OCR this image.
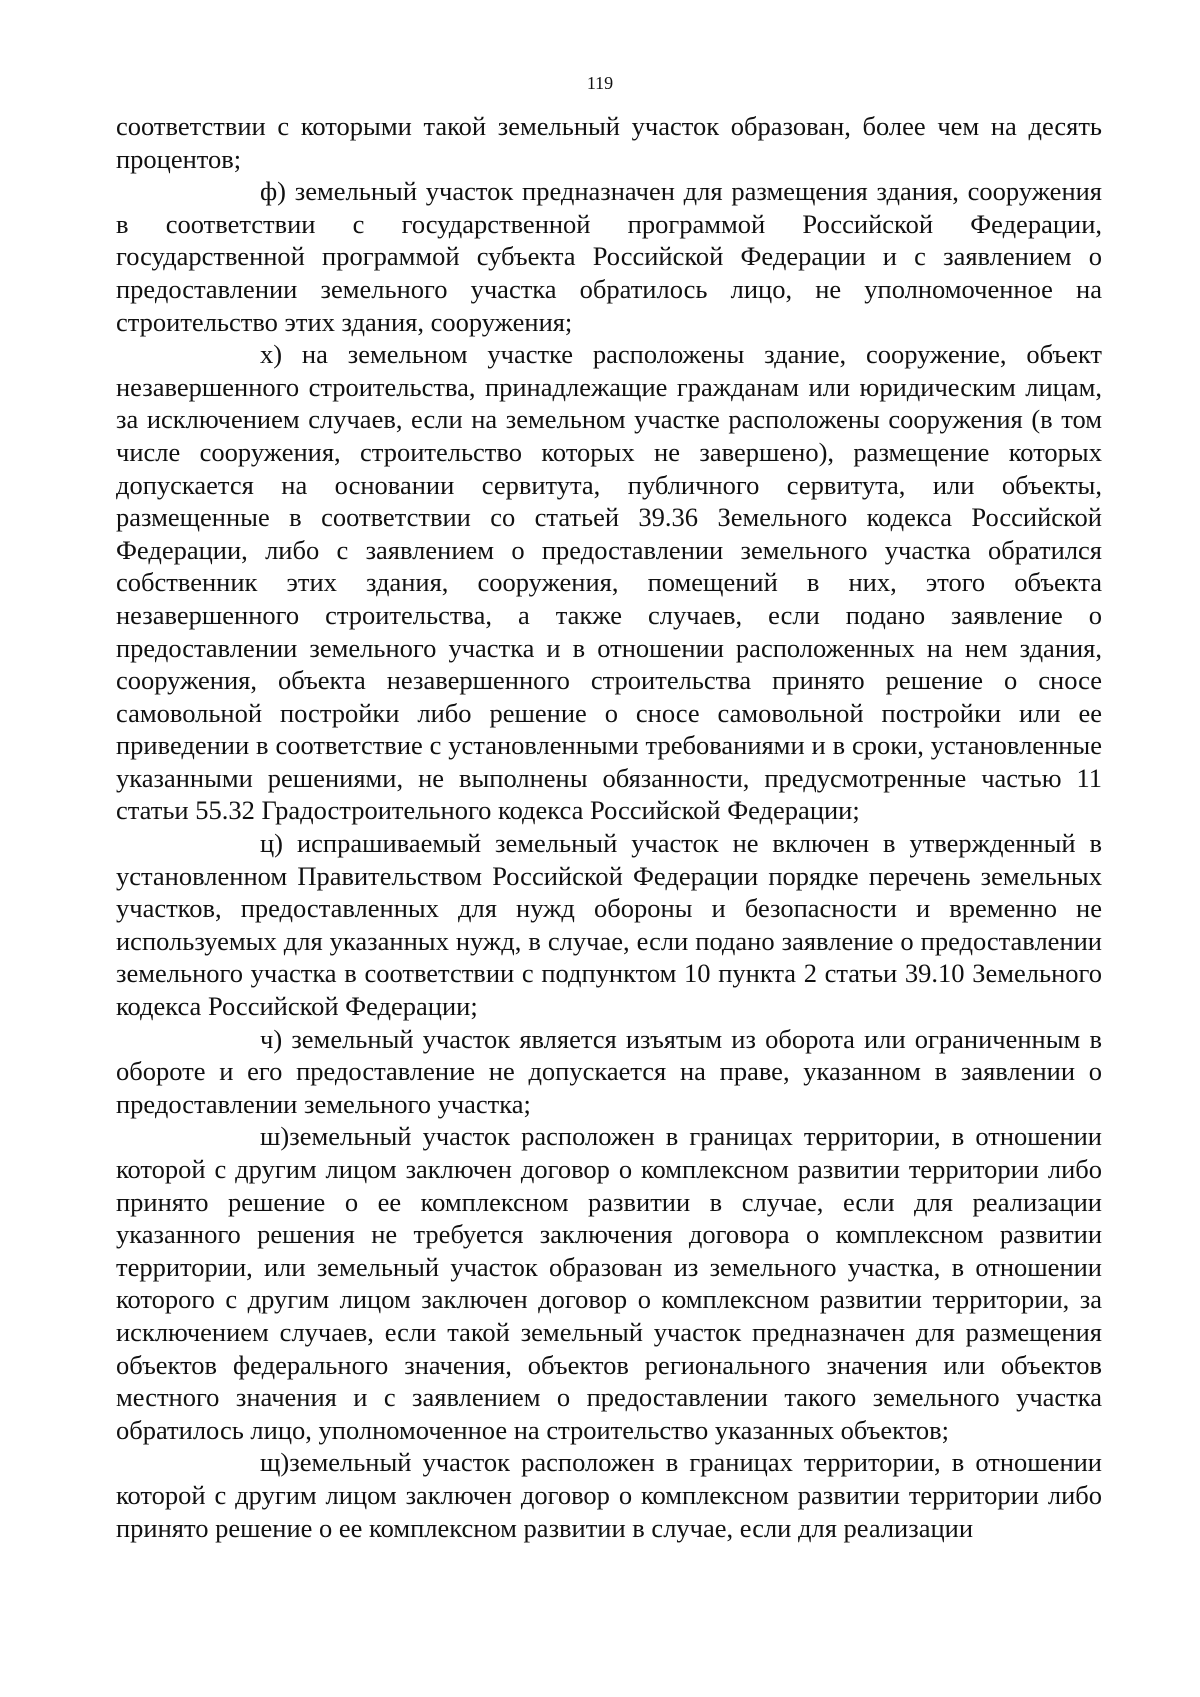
119

соответствии с которыми такой земельный участок образован, более чем на десять процентов;

ф) земельный участок предназначен для размещения здания, сооружения в соответствии с государственной программой Российской Федерации, государственной программой субъекта Российской Федерации и с заявлением о предоставлении земельного участка обратилось лицо, не уполномоченное на строительство этих здания, сооружения;

х) на земельном участке расположены здание, сооружение, объект незавершенного строительства, принадлежащие гражданам или юридическим лицам, за исключением случаев, если на земельном участке расположены сооружения (в том числе сооружения, строительство которых не завершено), размещение которых допускается на основании сервитута, публичного сервитута, или объекты, размещенные в соответствии со статьей 39.36 Земельного кодекса Российской Федерации, либо с заявлением о предоставлении земельного участка обратился собственник этих здания, сооружения, помещений в них, этого объекта незавершенного строительства, а также случаев, если подано заявление о предоставлении земельного участка и в отношении расположенных на нем здания, сооружения, объекта незавершенного строительства принято решение о сносе самовольной постройки либо решение о сносе самовольной постройки или ее приведении в соответствие с установленными требованиями и в сроки, установленные указанными решениями, не выполнены обязанности, предусмотренные частью 11 статьи 55.32 Градостроительного кодекса Российской Федерации;

ц) испрашиваемый земельный участок не включен в утвержденный в установленном Правительством Российской Федерации порядке перечень земельных участков, предоставленных для нужд обороны и безопасности и временно не используемых для указанных нужд, в случае, если подано заявление о предоставлении земельного участка в соответствии с подпунктом 10 пункта 2 статьи 39.10 Земельного кодекса Российской Федерации;

ч) земельный участок является изъятым из оборота или ограниченным в обороте и его предоставление не допускается на праве, указанном в заявлении о предоставлении земельного участка;

ш)земельный участок расположен в границах территории, в отношении которой с другим лицом заключен договор о комплексном развитии территории либо принято решение о ее комплексном развитии в случае, если для реализации указанного решения не требуется заключения договора о комплексном развитии территории, или земельный участок образован из земельного участка, в отношении которого с другим лицом заключен договор о комплексном развитии территории, за исключением случаев, если такой земельный участок предназначен для размещения объектов федерального значения, объектов регионального значения или объектов местного значения и с заявлением о предоставлении такого земельного участка обратилось лицо, уполномоченное на строительство указанных объектов;

щ)земельный участок расположен в границах территории, в отношении которой с другим лицом заключен договор о комплексном развитии территории либо принято решение о ее комплексном развитии в случае, если для реализации
